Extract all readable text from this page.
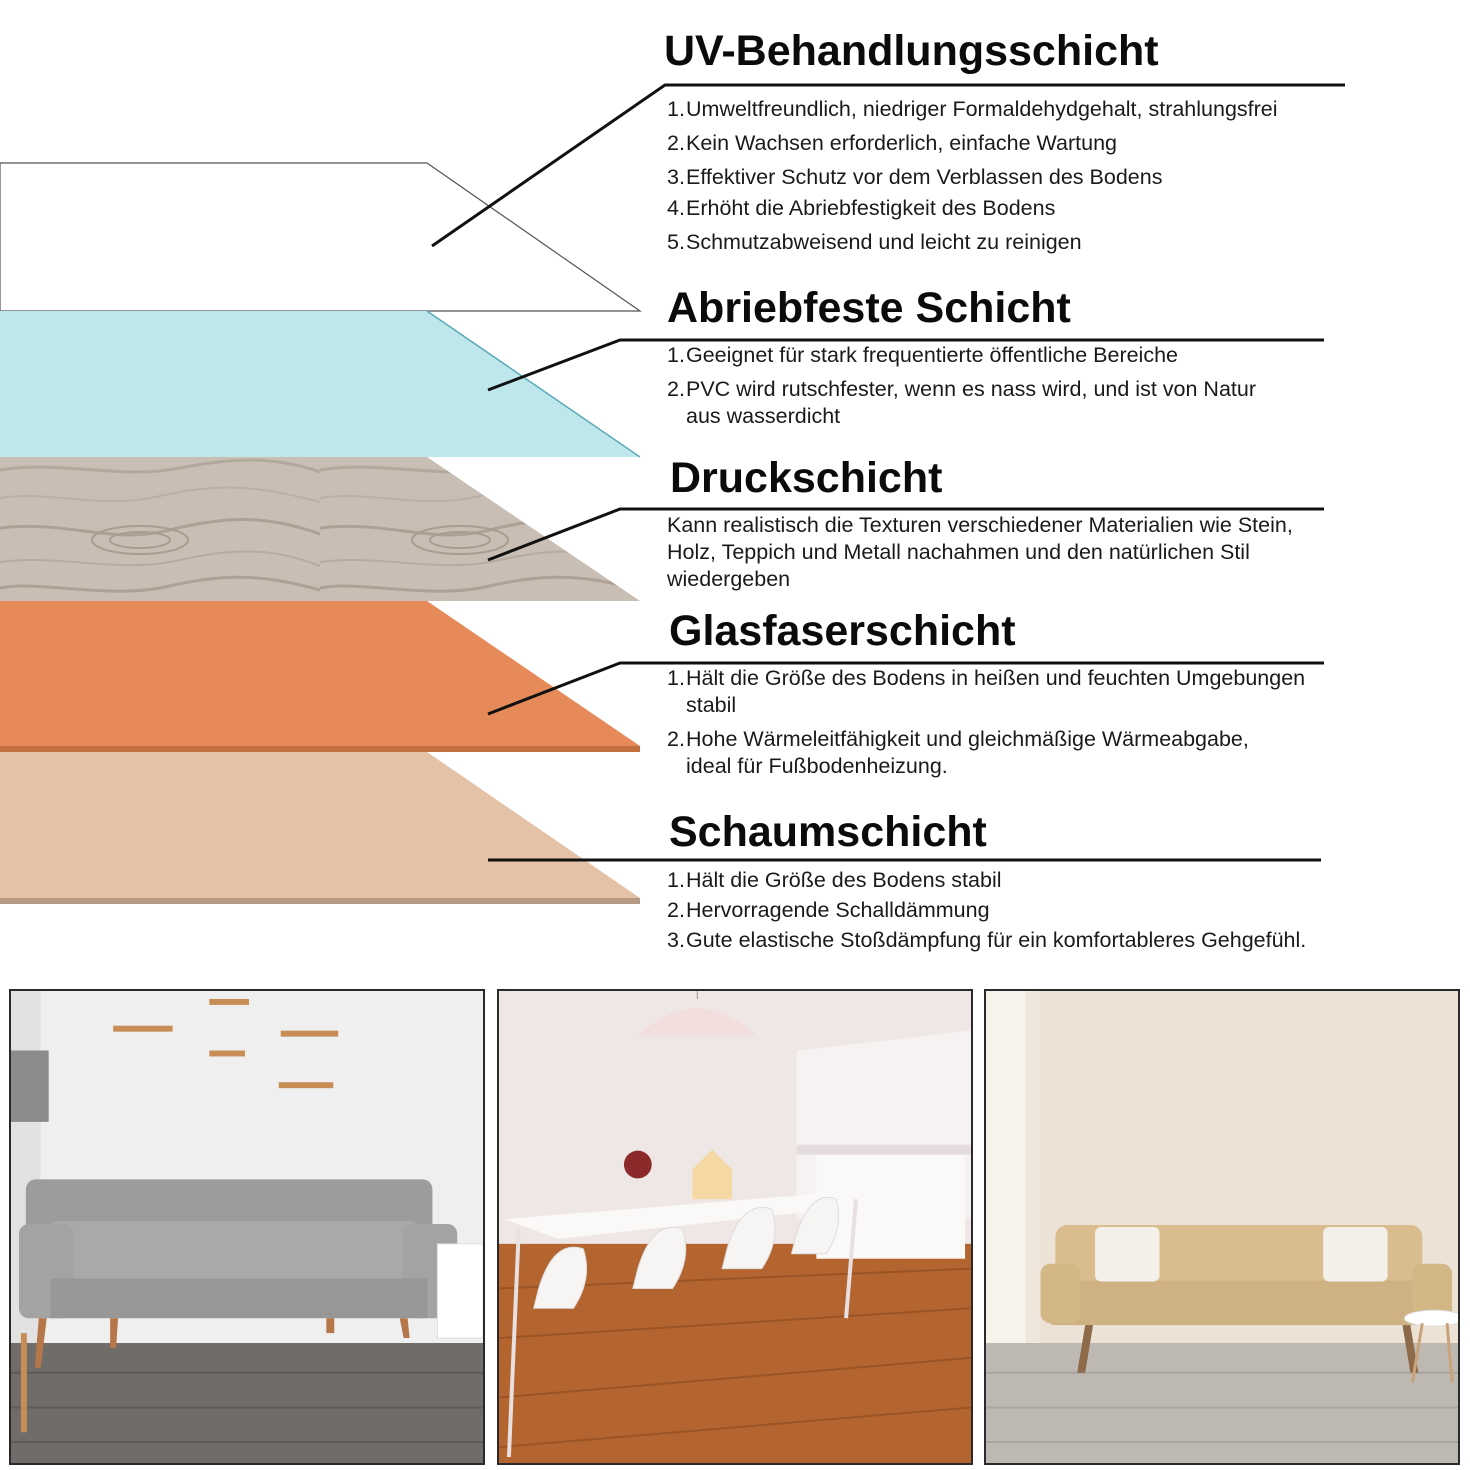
UV-Behandlungsschicht
1. Umweltfreundlich, niedriger Formaldehydgehalt, strahlungsfrei
2. Kein Wachsen erforderlich, einfache Wartung
3. Effektiver Schutz vor dem Verblassen des Bodens
4. Erhöht die Abriebfestigkeit des Bodens
5. Schmutzabweisend und leicht zu reinigen
Abriebfeste Schicht
1. Geeignet für stark frequentierte öffentliche Bereiche
2. PVC wird rutschfester, wenn es nass wird, und ist von Natur
aus wasserdicht
Druckschicht

Kann realistisch die Texturen verschiedener Materialien wie Stein,
Holz, Teppich und Metall nachahmen und den natürlichen Stil
wiedergeben

Glasfaserschicht
1. Hält die Größe des Bodens in heißen und feuchten Umgebungen
stabil
2. Hohe Wärmeleitfähigkeit und gleichmäßige Wärmeabgabe,
ideal für Fußbodenheizung.
Schaumschicht
1. Hält die Größe des Bodens stabil
2. Hervorragende Schalldämmung
3. Gute elastische Stoßdämpfung für ein komfortableres Gehgefühl.
